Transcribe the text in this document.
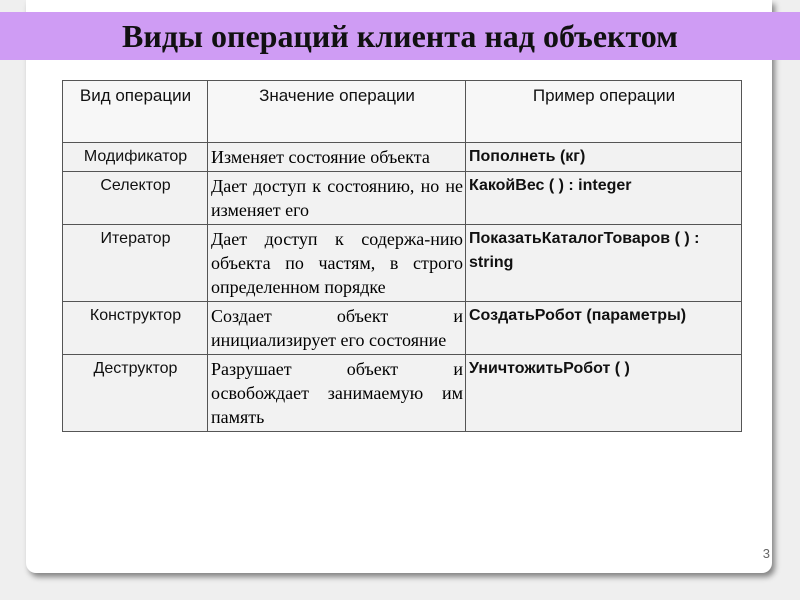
Виды операций клиента над объектом
Вид операции	Значение операции	Пример операции
Модификатор	Изменяет состояние объекта	Пополнеть (кг)
Селектор	Дает доступ к состоянию, но не изменяет его	КакойВес ( ) : integer
Итератор	Дает доступ к содержа-нию объекта по частям, в строго определенном порядке	ПоказатьКаталогТоваров ( ) : string
Конструктор	Создает объект и инициализирует его состояние	СоздатьРобот (параметры)
Деструктор	Разрушает объект и освобождает занимаемую им память	УничтожитьРобот ( )
3
